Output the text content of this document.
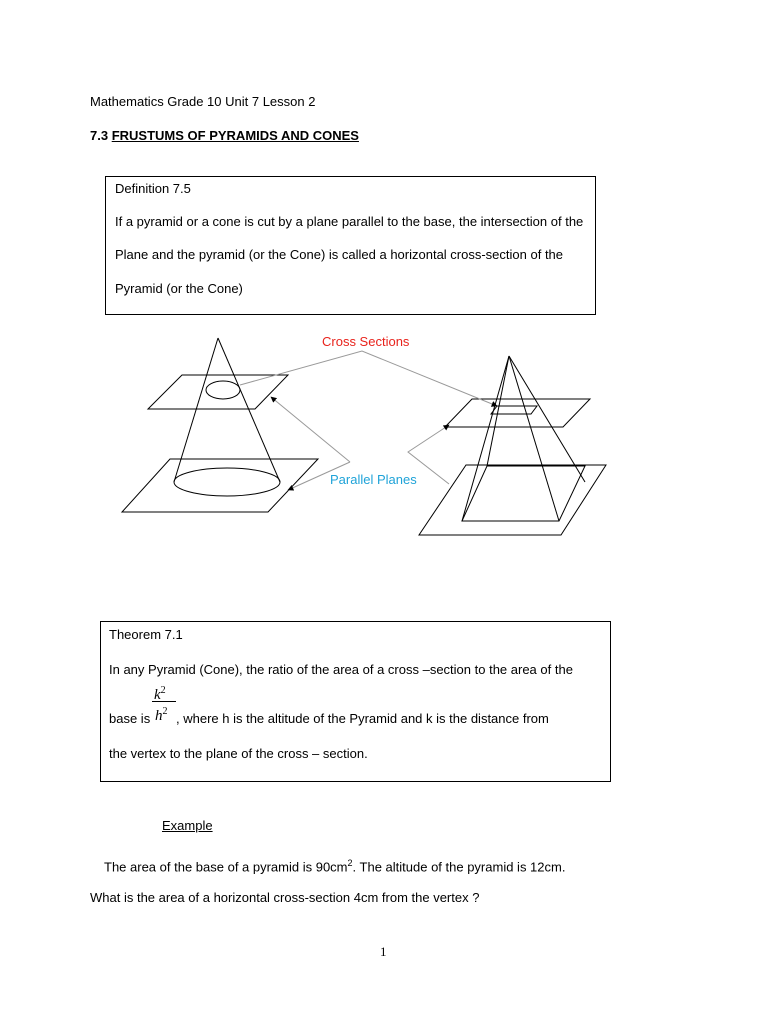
Mathematics Grade 10 Unit 7 Lesson 2
7.3 FRUSTUMS OF PYRAMIDS AND CONES
Definition 7.5
If a pyramid or a cone is cut by a plane parallel to the base, the intersection of the
Plane and the pyramid (or the Cone) is called a horizontal cross-section of the
Pyramid (or the Cone)
Cross Sections
Parallel Planes
Theorem 7.1
In any Pyramid (Cone), the ratio of the area of a cross –section to the area of the
base is
$k^2$
$h^2$ , where h is the altitude of the Pyramid and k is the distance from
the vertex to the plane of the cross – section.
Example
The area of the base of a pyramid is $90cm^2$. The altitude of the pyramid is 12cm.
What is the area of a horizontal cross-section 4cm from the vertex ?
1
